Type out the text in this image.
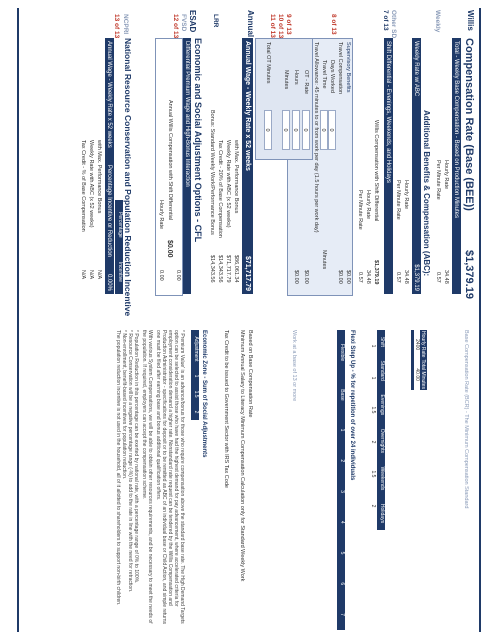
Willis
Weekly
Other SD
7 of 13
8 of 13
9 of 13
10 of 13
11 of 13
Annual
LRR
ESAD
FVSD
12 of 13
NCPRI
13 of 13
Compensation Rate (Base (BEE))
$1,379.19
Total - Weekly Base Compensation - Based on Production Minutes
Hourly Rate
34.48
Per Minute Rate
0.57
Base Compensation Rate (BCR) - The Minimum Compensation Standard
Additional Benefits & Compensation (ABC):
Weekly Rate w/ ABC
$1,379.19
Hourly Rate
34.48
Per Minute Rate
0.57
Hourly Rate
Total Minutes
2400
40.00
Shift Differential - Evenings, Weekends, and Holidays
Shift
Standard
Evenings
Overnights
Weekends
Holidays
1
1
1.5
2
1.5
2
Willis Compensation with Shift Differential
$1,379.19
Hourly Rate
34.48
Per Minute Rate
0.57
Supervisory Benefits
Travel Compensation
Days Worked
0
Travel Time
0
$0.00
$0.00
Minutes
Travel Allowance: 45 minutes to or from work per day (1.5 hours per work day)
Flexi Step Up - % for repetition of over 24 individuals
Flexible
Base
1
2
3
4
5
6
7
OT - Rate
0
Hours
0
Minutes
0
Total OT Minutes
0
$0.00
$0.00
Work at a base of 13 or more
Annual Wage - Weekly Rate x 52 weeks
$71,717.79
with Max. Performance Bonus
$86,061.34
Weekly Rate with ABC (x 52 weeks)
$71,717.79
Tax Credit - 20% of Base Compensation
$14,343.56
Bonus: Standard Weekly Work/Performance Bonus
$14,343.56
Based on Base Compensation Rate
Minimum Annual Salary to Literacy Minimum Compensation Calculation only for Standard Weekly Work
Tax Credit to be issued to Government Sector with IRS Tax Code
Economic and Social Adjustment Options - CFL
Differential Premium Wage and High-Bonus Interaction
0.00
Annual Willis Compensation with Shift Differential
$0.00
Hourly Rate
0.00
Economic Zone - Sum of Social Adjustments
Adjustment
1
1.5
2
* Premium Value' is an advance/bonus for those who require compensation above the standard base rate. The High Demand Targets option can be selected to assist those who have had the highest demand for pay advancement, where accelerated criteria for employment consideration demand a higher rate. Nonstandard rate request can be tendered by the Willis Compensation and Production Administrator - specifications for deposit or to be remitted as ABC of an individual base or Child Action, and simple returns one must be filed after earning base and bonus additional qualification offers.
With various System Compensations, we will be able to obtain other resources requirements, and be necessary to meet the needs of the population. If required, employers can accept the compensation scheme.
* Population Reduction in this percentage can be exerted by national rate, with a percentage range of 0% to 100%.
* Resource Conservation will be a negative percentage range (-%) to add to the rate in line with the need for retraction.
* Non-enrollment, benefit-based incentives for population reduction.
The population reduction incentive is not used in the household, all of it allotted to shareholders to support non-birth children.
National Resource Conservation and Population Reduction Incentive
Percentage
Incentive
Annual Wage - Weekly Rate x 52 weeks
Percentage Incentive or Reduction
0.00%
with Max. Performance Bonus
N/A
Weekly Rate with ABC (x 52 weeks)
N/A
Tax Credit - % of Base Compensation
N/A
